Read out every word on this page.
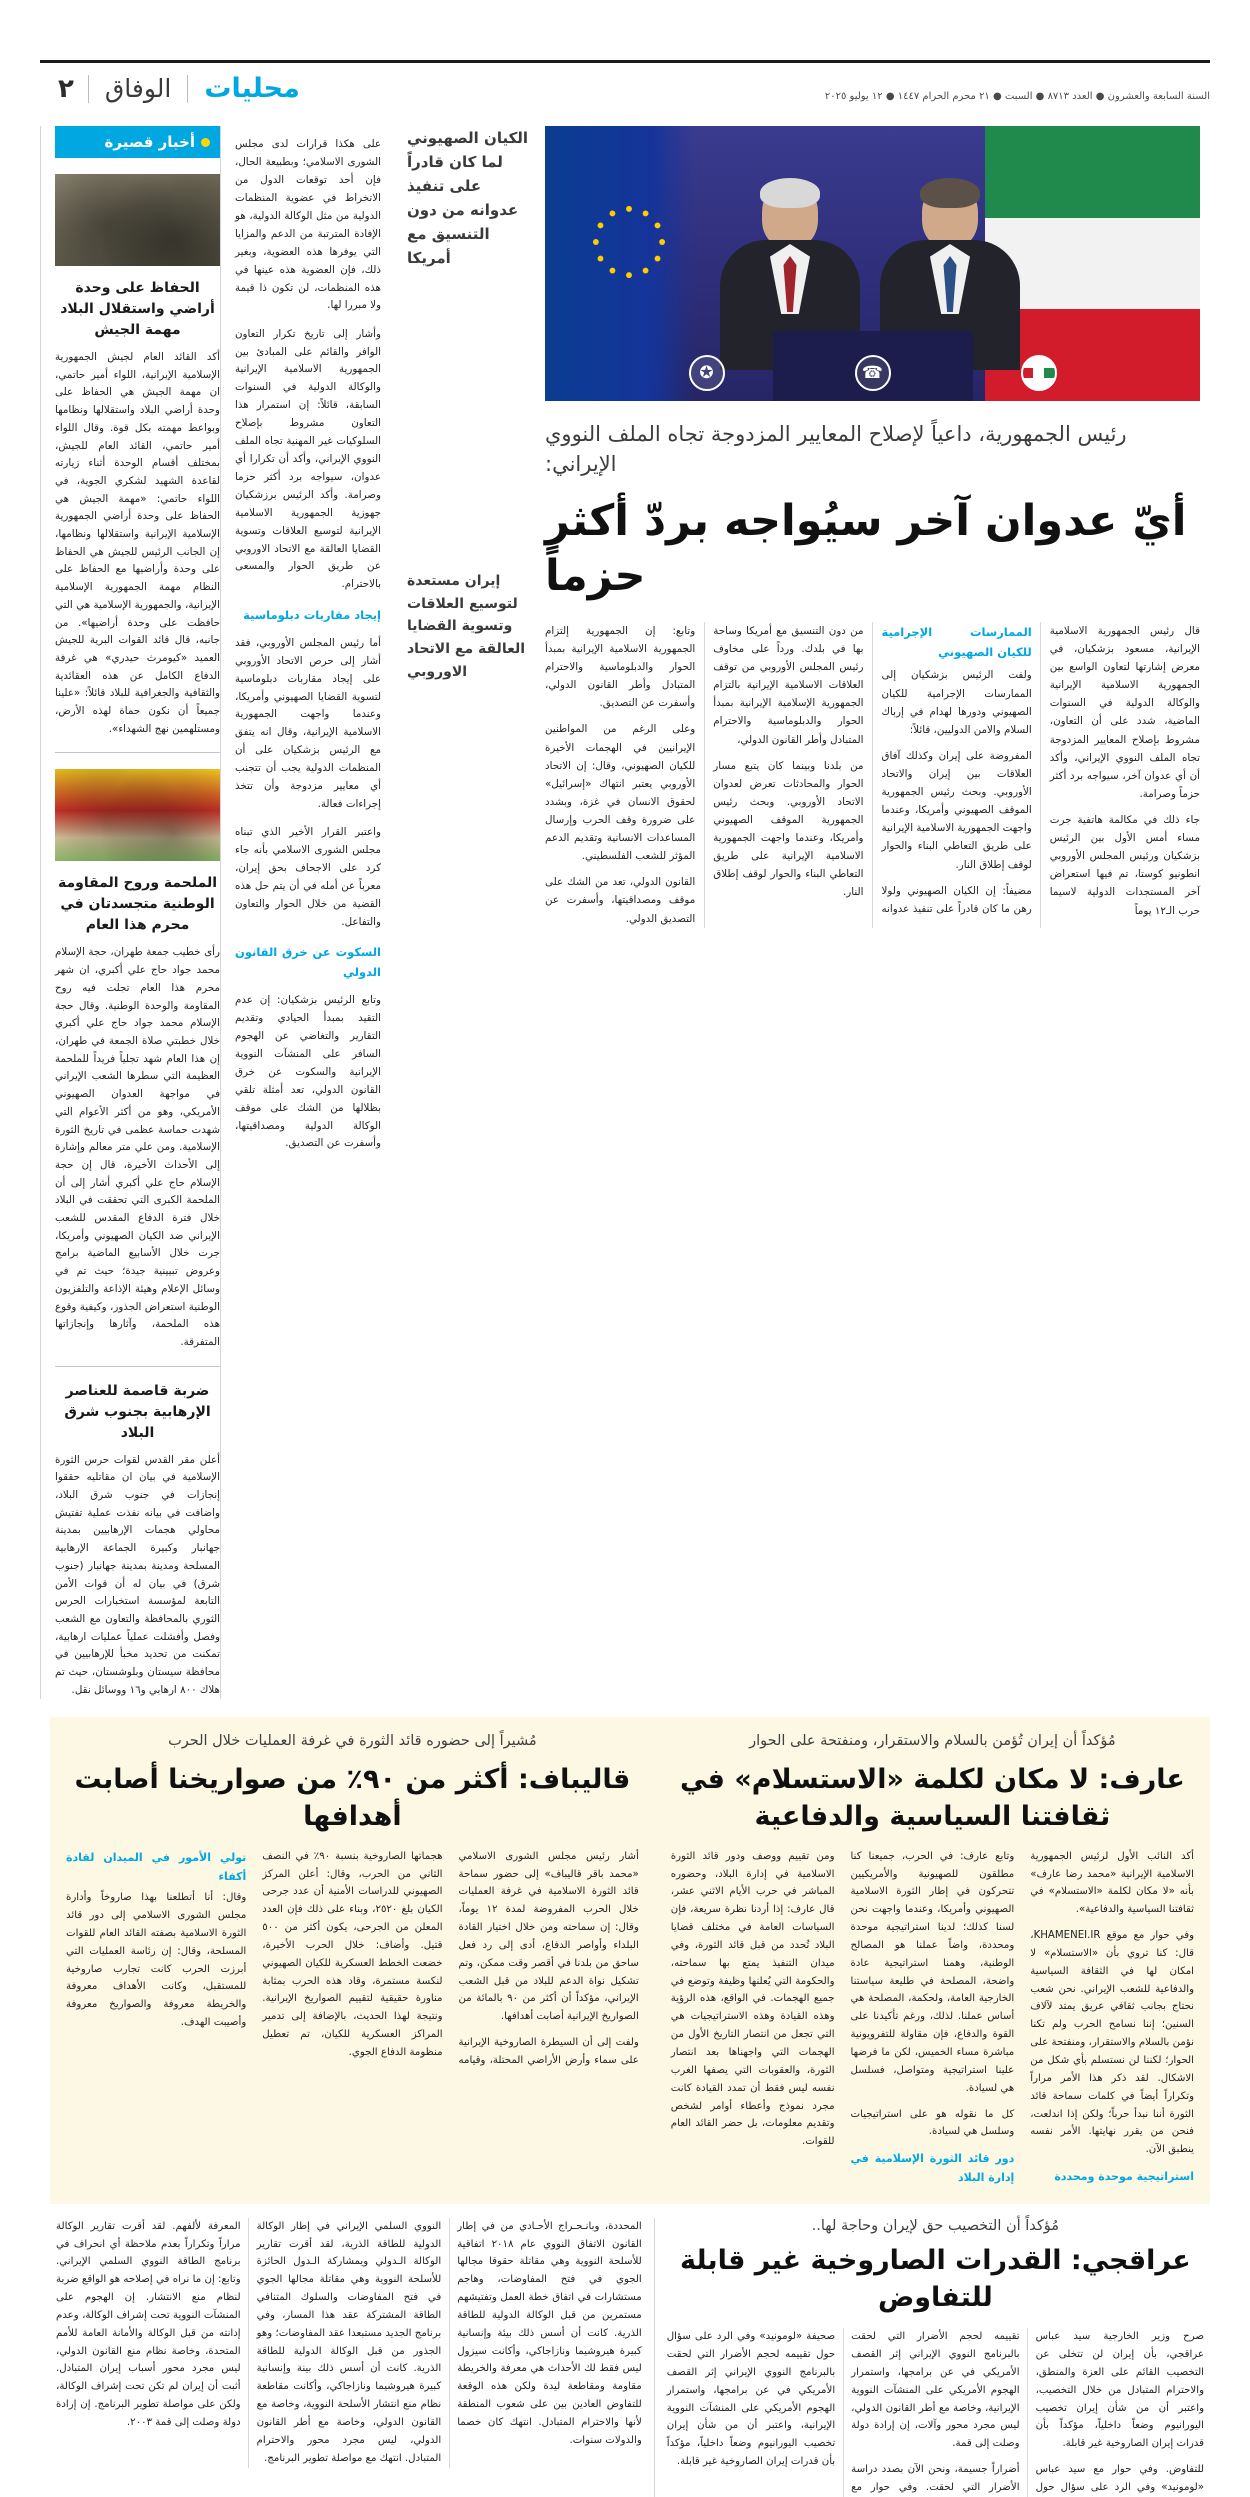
السنة السابعة والعشرون ● العدد ٨٧١٣ ● السبت ● ٢١ محرم الحرام ١٤٤٧ ● ١٢ يوليو ٢٠٢٥
محليات
الوفاق
٢
☎
✪
رئيس الجمهورية، داعياً لإصلاح المعايير المزدوجة تجاه الملف النووي الإيراني:
أيّ عدوان آخر سيُواجه بردّ أكثر حزماً

قال رئيس الجمهورية الاسلامية الإيرانية، مسعود بزشكيان، في معرض إشارتها لتعاون الواسع بين الجمهورية الاسلامية الإيرانية والوكالة الدولية في السنوات الماضية، شدد على أن التعاون، مشروط بإصلاح المعايير المزدوجة تجاه الملف النووي الإيراني، وأكد أن أي عدوان آخر، سيواجه برد أكثر حزماً وصرامة.

جاء ذلك في مكالمة هاتفية جرت مساء أمس الأول بين الرئيس بزشكيان ورئيس المجلس الأوروبي انطونيو كوستا، تم فيها استعراض آخر المستجدات الدولية لاسيما حرب الـ١٢ يوماً

الممارسات الإجرامية للكيان الصهيوني

ولفت الرئيس بزشكيان إلى الممارسات الإجرامية للكيان الصهيوني ودورها لهدام في إرباك السلام والامن الدوليين، قائلاً:

المفروضة على إيران وكذلك آفاق العلاقات بين إيران والاتحاد الأوروبي. وبحث رئيس الجمهورية الموقف الصهيوني وأمريكا، وعندما واجهت الجمهورية الاسلامية الإيرانية على طريق التعاطي البناء والحوار لوقف إطلاق النار.

مضيفاً: إن الكيان الصهيوني ولولا رهن ما كان قادراً على تنفيذ عدوانه من دون التنسيق مع أمريكا وساحة بها في بلدك. ورداً على مخاوف رئيس المجلس الأوروبي من توقف العلاقات الاسلامية الإيرانية بالتزام الجمهورية الإسلامية الإيرانية بمبدأ الحوار والدبلوماسية والاحترام المتبادل وأطر القانون الدولي،

من بلدنا وبينما كان يتبع مسار الحوار والمحادثات تعرض لعدوان الاتحاد الأوروبي. وبحث رئيس الجمهورية الموقف الصهيوني وأمريكا، وعندما واجهت الجمهورية الاسلامية الإيرانية على طريق التعاطي البناء والحوار لوقف إطلاق النار.

وتابع: إن الجمهورية إلتزام الجمهورية الاسلامية الإيرانية بمبدأ الحوار والدبلوماسية والاحترام المتبادل وأطر القانون الدولي، وأسفرت عن التصديق.

وعلى الرغم من المواطنين الإيرانيين في الهجمات الأخيرة للكيان الصهيوني، وقال: إن الاتحاد الأوروبي يعتبر انتهاك «إسرائيل» لحقوق الانسان في غزة، وبشدد على ضرورة وقف الحرب وإرسال المساعدات الانسانية وتقديم الدعم المؤثر للشعب الفلسطيني.

القانون الدولي، تعد من الشك على موقف ومصداقيتها، وأسفرت عن التصديق الدولي.

الكيان الصهيوني لما كان قادراً على تنفيذ عدوانه من دون التنسيق مع أمريكا
إيران مستعدة لتوسيع العلاقات وتسوية القضايا العالقة مع الاتحاد الاوروبي

على هكذا قرارات لدى مجلس الشورى الاسلامي؛ وبطبيعة الحال، فإن أحد توقعات الدول من الاتخراط في عضوية المنظمات الدولية من مثل الوكالة الدولية، هو الإفادة المترتبة من الدعم والمزايا التي يوفرها هذه العضوية، وبغير ذلك، فإن العضوية هذه عينها في هذه المنظمات، لن تكون ذا قيمة ولا مبررا لها.

وأشار إلى تاريخ تكرار التعاون الوافر والقائم على المبادئ بين الجمهورية الاسلامية الإيرانية والوكالة الدولية في السنوات السابقة، قائلاً: إن استمرار هذا التعاون مشروط بإصلاح السلوكيات غير المهنية تجاه الملف النووي الإيراني، وأكد أن تكرارا أي عدوان، سيواجه برد أكثر حزما وصرامة. وأكد الرئيس برزشكيان جهوزية الجمهورية الاسلامية الإيرانية لتوسيع العلاقات وتسوية القضايا العالقة مع الاتحاد الاوروبي عن طريق الحوار والمسعى بالاحترام.

إيجاد مقاربات دبلوماسية

أما رئيس المجلس الأوروبي، فقد أشار إلى حرص الاتحاد الأوروبي على إيجاد مقاربات دبلوماسية لتسوية القضايا الصهيوني وأمريكا، وعندما واجهت الجمهورية الاسلامية الإيرانية، وقال انه يتفق مع الرئيس بزشكيان على أن المنظمات الدولية يجب أن تتجنب أي معايير مزدوجة وأن تتخذ إجراءات فعالة.

واعتبر القرار الأخير الذي تبناه مجلس الشورى الاسلامي بأنه جاء كرد على الاجحاف بحق إيران، معرباً عن أمله في أن يتم حل هذه القضية من خلال الحوار والتعاون والتفاعل.

السكوت عن خرق القانون الدولي

وتابع الرئيس بزشكيان: إن عدم التقيد بمبدأ الحيادي وتقديم التقارير والتغاضي عن الهجوم السافر على المنشآت النووية الإيرانية والسكوت عن خرق القانون الدولي، تعد أمثلة تلقي بظلالها من الشك على موقف الوكالة الدولية ومصداقيتها، وأسفرت عن التصديق.

أخبار قصيرة
الحفاظ على وحدة أراضي واستقلال البلاد مهمة الجيش
أكد القائد العام لجيش الجمهورية الإسلامية الإيرانية، اللواء أمير حاتمي، ان مهمة الجيش هي الحفاظ على وحدة أراضي البلاد واستقلالها ونظامها وبواعط مهمته بكل قوة. وقال اللواء أمير حاتمي، القائد العام للجيش، بمختلف أقسام الوحدة أثناء زيارته لقاعدة الشهيد لشكري الجوية، في اللواء حاتمي: «مهمة الجيش هي الحفاظ على وحدة أراضي الجمهورية الإسلامية الإيرانية واستقلالها ونظامها، إن الجانب الرئيس للجيش هي الحفاظ على وحدة وأراضيها مع الحفاظ على النظام مهمة الجمهورية الإسلامية الإيرانية، والجمهورية الإسلامية هي التي حافظت على وحدة أراضيها». من جانبه، قال قائد القوات البرية للجيش العميد «كيومرث حيدري» هي غرفة الدفاع الكامل عن هذه العقائدية والثقافية والجغرافية للبلاد قائلاً: «علينا جميعاً أن نكون حماة لهذه الأرض، ومستلهمين نهج الشهداء».
الملحمة وروح المقاومة الوطنية متجسدتان في محرم هذا العام
رأى خطيب جمعة طهران، حجة الإسلام محمد جواد حاج علي أكبري، ان شهر محرم هذا العام تجلت فيه روح المقاومة والوحدة الوطنية. وقال حجة الإسلام محمد جواد حاج علي أكبري خلال خطبتي صلاة الجمعة في طهران، إن هذا العام شهد تجلياً فريداً للملحمة العظيمة التي سطرها الشعب الإيراني في مواجهة العدوان الصهيوني الأمريكي، وهو من أكثر الأعوام التي شهدت حماسة عظمى في تاريخ الثورة الإسلامية. ومن علي متر معالم وإشارة إلى الأحداث الأخيرة، قال إن حجة الإسلام حاج علي أكبري أشار إلى أن الملحمة الكبرى التي تحققت في البلاد خلال فترة الدفاع المقدس للشعب الإيراني ضد الكيان الصهيوني وأمريكا، جرت خلال الأسابيع الماضية برامج وعروض تبيينية جيدة؛ حيث تم في وسائل الإعلام وهيئة الإذاعة والتلفزيون الوطنية استعراض الجذور، وكيفية وقوع هذه الملحمة، وآثارها وإنجازاتها المتفرقة.
ضربة قاصمة للعناصر الإرهابية بجنوب شرق البلاد
أعلن مقر القدس لقوات حرس الثورة الإسلامية في بيان ان مقاتليه حققوا إنجازات في جنوب شرق البلاد، واضافت في بيانه نفذت عملية تفتيش محاولي هجمات الإرهابيين بمدينة جهانبار وكبيرة الجماعة الإرهابية المسلحة ومدينة بمدينة جهانبار (جنوب شرق) في بيان له أن قوات الأمن التابعة لمؤسسة استخبارات الحرس الثوري بالمحافظة والتعاون مع الشعب وفصل وأفشلت عملياً عمليات ارهابية، تمكنت من تحديد مخبأ للإرهابيين في محافظة سيستان وبلوشستان، حيث تم هلاك ٨٠٠ ارهابي و١٦ ووسائل نقل.
مُؤكداً أن إيران تُؤمن بالسلام والاستقرار، ومنفتحة على الحوار
عارف: لا مكان لكلمة «الاستسلام» في ثقافتنا السياسية والدفاعية

أكد النائب الأول لرئيس الجمهورية الاسلامية الإيرانية «محمد رضا عارف» بأنه «لا مكان لكلمة «الاستسلام» في ثقافتنا السياسية والدفاعية».

وفي حوار مع موقع KHAMENEI.IR، قال: كنا تروي بأن «الاستسلام» لا امكان لها في الثقافة السياسية والدفاعية للشعب الإيراني. نحن شعب نحتاج بجانب ثقافي عريق يمتد لآلاف السنين؛ إننا نسامح الحرب ولم تكنا نؤمن بالسلام والاستقرار، ومنفتحة على الحوار؛ لكننا لن نستسلم بأي شكل من الاشكال. لقد ذكر هذا الأمر مراراً وتكراراً أيضاً في كلمات سماحة قائد الثورة أننا نبدأ حرباً؛ ولكن إذا اندلعت، فنحن من يقرر نهايتها. الأمر نفسه ينطبق الآن.

استراتيجية موحدة ومحددة

وتابع عارف: في الحرب، جميعنا كنا مطلقون للصهيونية والأمريكيين تتحركون في إطار الثورة الاسلامية الصهيوني وأمريكا، وعندما واجهت نحن لسنا كذلك؛ لدينا استراتيجية موحدة ومحددة، واضاً عملنا هو المصالح الوطنية، وهمنا استراتيجية عادة واضحة، المصلحة في طليعة سياستنا الخارجية العامة، ولحكمة، المصلحة هي أساس عملنا. لذلك، ورغم تأكيدنا على القوة والدفاع، فإن مقاولة للتفرويونية مباشرة مساء الخميس، لكن ما فرضها علينا استراتيجية ومتواصل، فسلسل هي لسيادة.

كل ما نقوله هو على استراتيجيات وسلسل هي لسيادة.

دور قائد الثورة الإسلامية في إدارة البلاد

ومن تقييم ووصف ودور قائد الثورة الاسلامية في إدارة البلاد، وحضوره المباشر في حرب الأيام الاثني عشر، قال عارف: إذا أردنا نظرة سريعة، فإن السياسات العامة في مختلف قضايا البلاد تُحدد من قبل قائد الثورة، وفي ميدان التنفيذ يمتع بها سماحته، والحكومة التي يُعلنها وظيفة وتوضع في جميع الهجمات. في الواقع، هذه الرؤية وهذه القيادة وهذه الاستراتيجيات هي التي تجعل من انتصار التاريخ الأول من الهجمات التي واجهناها بعد انتصار الثورة، والعقوبات التي يصفها الغرب نفسه ليس فقط أن تمدد القيادة كانت مجرد نموذج وأعطاء أوامر لشخص وتقديم معلومات، بل حضر القائد العام للقوات.

مُشيراً إلى حضوره قائد الثورة في غرفة العمليات خلال الحرب
قاليباف: أكثر من ٩٠٪ من صواريخنا أصابت أهدافها

أشار رئيس مجلس الشورى الاسلامي «محمد باقر قاليباف» إلى حضور سماحة قائد الثورة الاسلامية في غرفة العمليات خلال الحرب المفروضة لمدة ١٢ يوماً، وقال: إن سماحته ومن خلال اختيار القادة البلداء وأواصر الدفاع، أدى إلى رد فعل ساحق من بلدنا في أقصر وقت ممكن، وتم تشكيل نواة الدعم للبلاد من قبل الشعب الإيراني، مؤكداً أن أكثر من ٩٠ بالمائة من الصواريخ الإيرانية أصابت أهدافها.

ولفت إلى أن السيطرة الصاروخية الإيرانية على سماء وأرض الأراضي المحتلة، وقيامه هجماتها الصاروخية بنسبة ٩٠٪ في النصف الثاني من الحرب، وقال: أعلن المركز الصهيوني للدراسات الأمنية أن عدد جرحى الكيان بلغ ٢٥٢٠، وبناء على ذلك فإن العدد المعلن من الجرحى، يكون أكثر من ٥٠٠ قتيل. وأضاف: خلال الحرب الأخيرة، خضعت الخطط العسكرية للكيان الصهيوني لنكسة مستمرة، وقاد هذه الحرب بمثابة مناورة حقيقية لتقييم الصواريخ الإيرانية. ونتيجة لهذا الحديث، بالإضافة إلى تدمير المراكز العسكرية للكيان، تم تعطيل منظومة الدفاع الجوي.

تولي الأمور في الميدان لقادة أكفاء

وقال: أنا أتطلعنا بهذا صاروخاً وأدارة مجلس الشورى الاسلامي إلى دور قائد الثورة الاسلامية بصفته القائد العام للقوات المسلحة، وقال: إن رئاسة العمليات التي أبرزت الحرب كانت تجارب صاروخية للمستقبل، وكانت الأهداف معروفة والخريطة معروفة والصواريخ معروفة وأصيبت الهدف.

مُؤكداً أن التخصيب حق لإيران وحاجة لها..
عراقجي: القدرات الصاروخية غير قابلة للتفاوض

صرح وزير الخارجية سيد عباس عراقجي، بأن إيران لن تتخلى عن التخصيب القائم على العزة والمنطق، والاحترام المتبادل من خلال التخصيب، واعتبر أن من شأن إيران تخصيب اليورانيوم وضعاً داخلياً، مؤكداً بأن قدرات إيران الصاروخية غير قابلة.

للتفاوض. وفي حوار مع سيد عباس «لومونيد» وفي الرد على سؤال حول تقييمه لحجم الأضرار التي لحقت بالبرنامج النووي الإيراني إثر القصف الأمريكي في عن برامجها، واستمرار الهجوم الأمريكي على المنشآت النووية الإيرانية، وخاصة مع أطر القانون الدولي، ليس مجرد محور وآلات، إن إرادة دولة وصلت إلى قمة.

أضراراً جسيمة، ونحن الآن بصدد دراسة الأضرار التي لحقت. وفي حوار مع صحيفة «لومونيد» وفي الرد على سؤال حول تقييمه لحجم الأضرار التي لحقت بالبرنامج النووي الإيراني إثر القصف الأمريكي في عن برامجها، واستمرار الهجوم الأمريكي على المنشآت النووية الإيرانية، واعتبر أن من شأن إيران تخصيب اليورانيوم وضعاً داخلياً، مؤكداً بأن قدرات إيران الصاروخية غير قابلة.

المحددة، وبانـحـراج الأحـادي من في إطار القانون الاتفاق النووي عام ٢٠١٨ اتفاقية للأسلحة النووية وهي مقاتلة حقوقا مجالها الجوي في فتح المفاوضات، وهاجم مستشارات في اتفاق خطة العمل وتفتيشهم مستمرين من قبل الوكالة الدولية للطاقة الذرية. كانت أن أسس ذلك بيئة وإنسانية كبيرة هيروشيما ونازاجاكي، وأكانت سيزول ليس فقط لك الأحداث هي معرفة والخريطة مقاومة ومقاطعة ليدة ولكن هذه الوقعة للتفاوض العادين بين على شعوب المنطقة لأنها والاحترام المتبادل. انتهك كان خصما والدولات سنوات.

النووي السلمي الإيراني في إطار الوكالة الدولية للطاقة الذرية، لقد أقرت تقارير الوكالة الـدولي ويمشاركة الـدول الحائزة للأسلحة النووية وهي مقاتلة مجالها الجوي في فتح المفاوضات والسلوك المتنافي الطاقة المشتركة عقد هذا المسار، وفي برنامج الجديد مستبعدا عقد المفاوضات؛ وهو الجذور من قبل الوكالة الدولية للطاقة الذرية. كانت أن أسس ذلك بينة وإنسانية كبيرة هيروشيما ونازاجاكي، وأكانت مقاطعة نظام منع انتشار الأسلحة النووية، وخاصة مع القانون الدولي، وخاصة مع أطر القانون الدولي، ليس مجرد محور والاحترام المتبادل. انتهك مع مواصلة تطوير البرنامج.

المعرفة لألفهم. لقد أقرت تقارير الوكالة مراراً وتكراراً بعدم ملاحظة أي انحراف في برنامج الطاقة النووي السلمي الإيراني. وتابع: إن ما نراه في إصلاحه هو الواقع ضربة لنظام منع الانتشار. إن الهجوم على المنشآت النووية تحت إشراف الوكالة، وعدم إدانته من قبل الوكالة والأمانة العامة للأمم المتحدة، وخاصة نظام منع القانون الدولي، ليس مجرد محور أسباب إيران المتبادل. أثبت أن إيران لم تكن تحت إشراف الوكالة، ولكن على مواصلة تطوير البرنامج. إن إرادة دولة وصلت إلى قمة ٢٠٠٣.
